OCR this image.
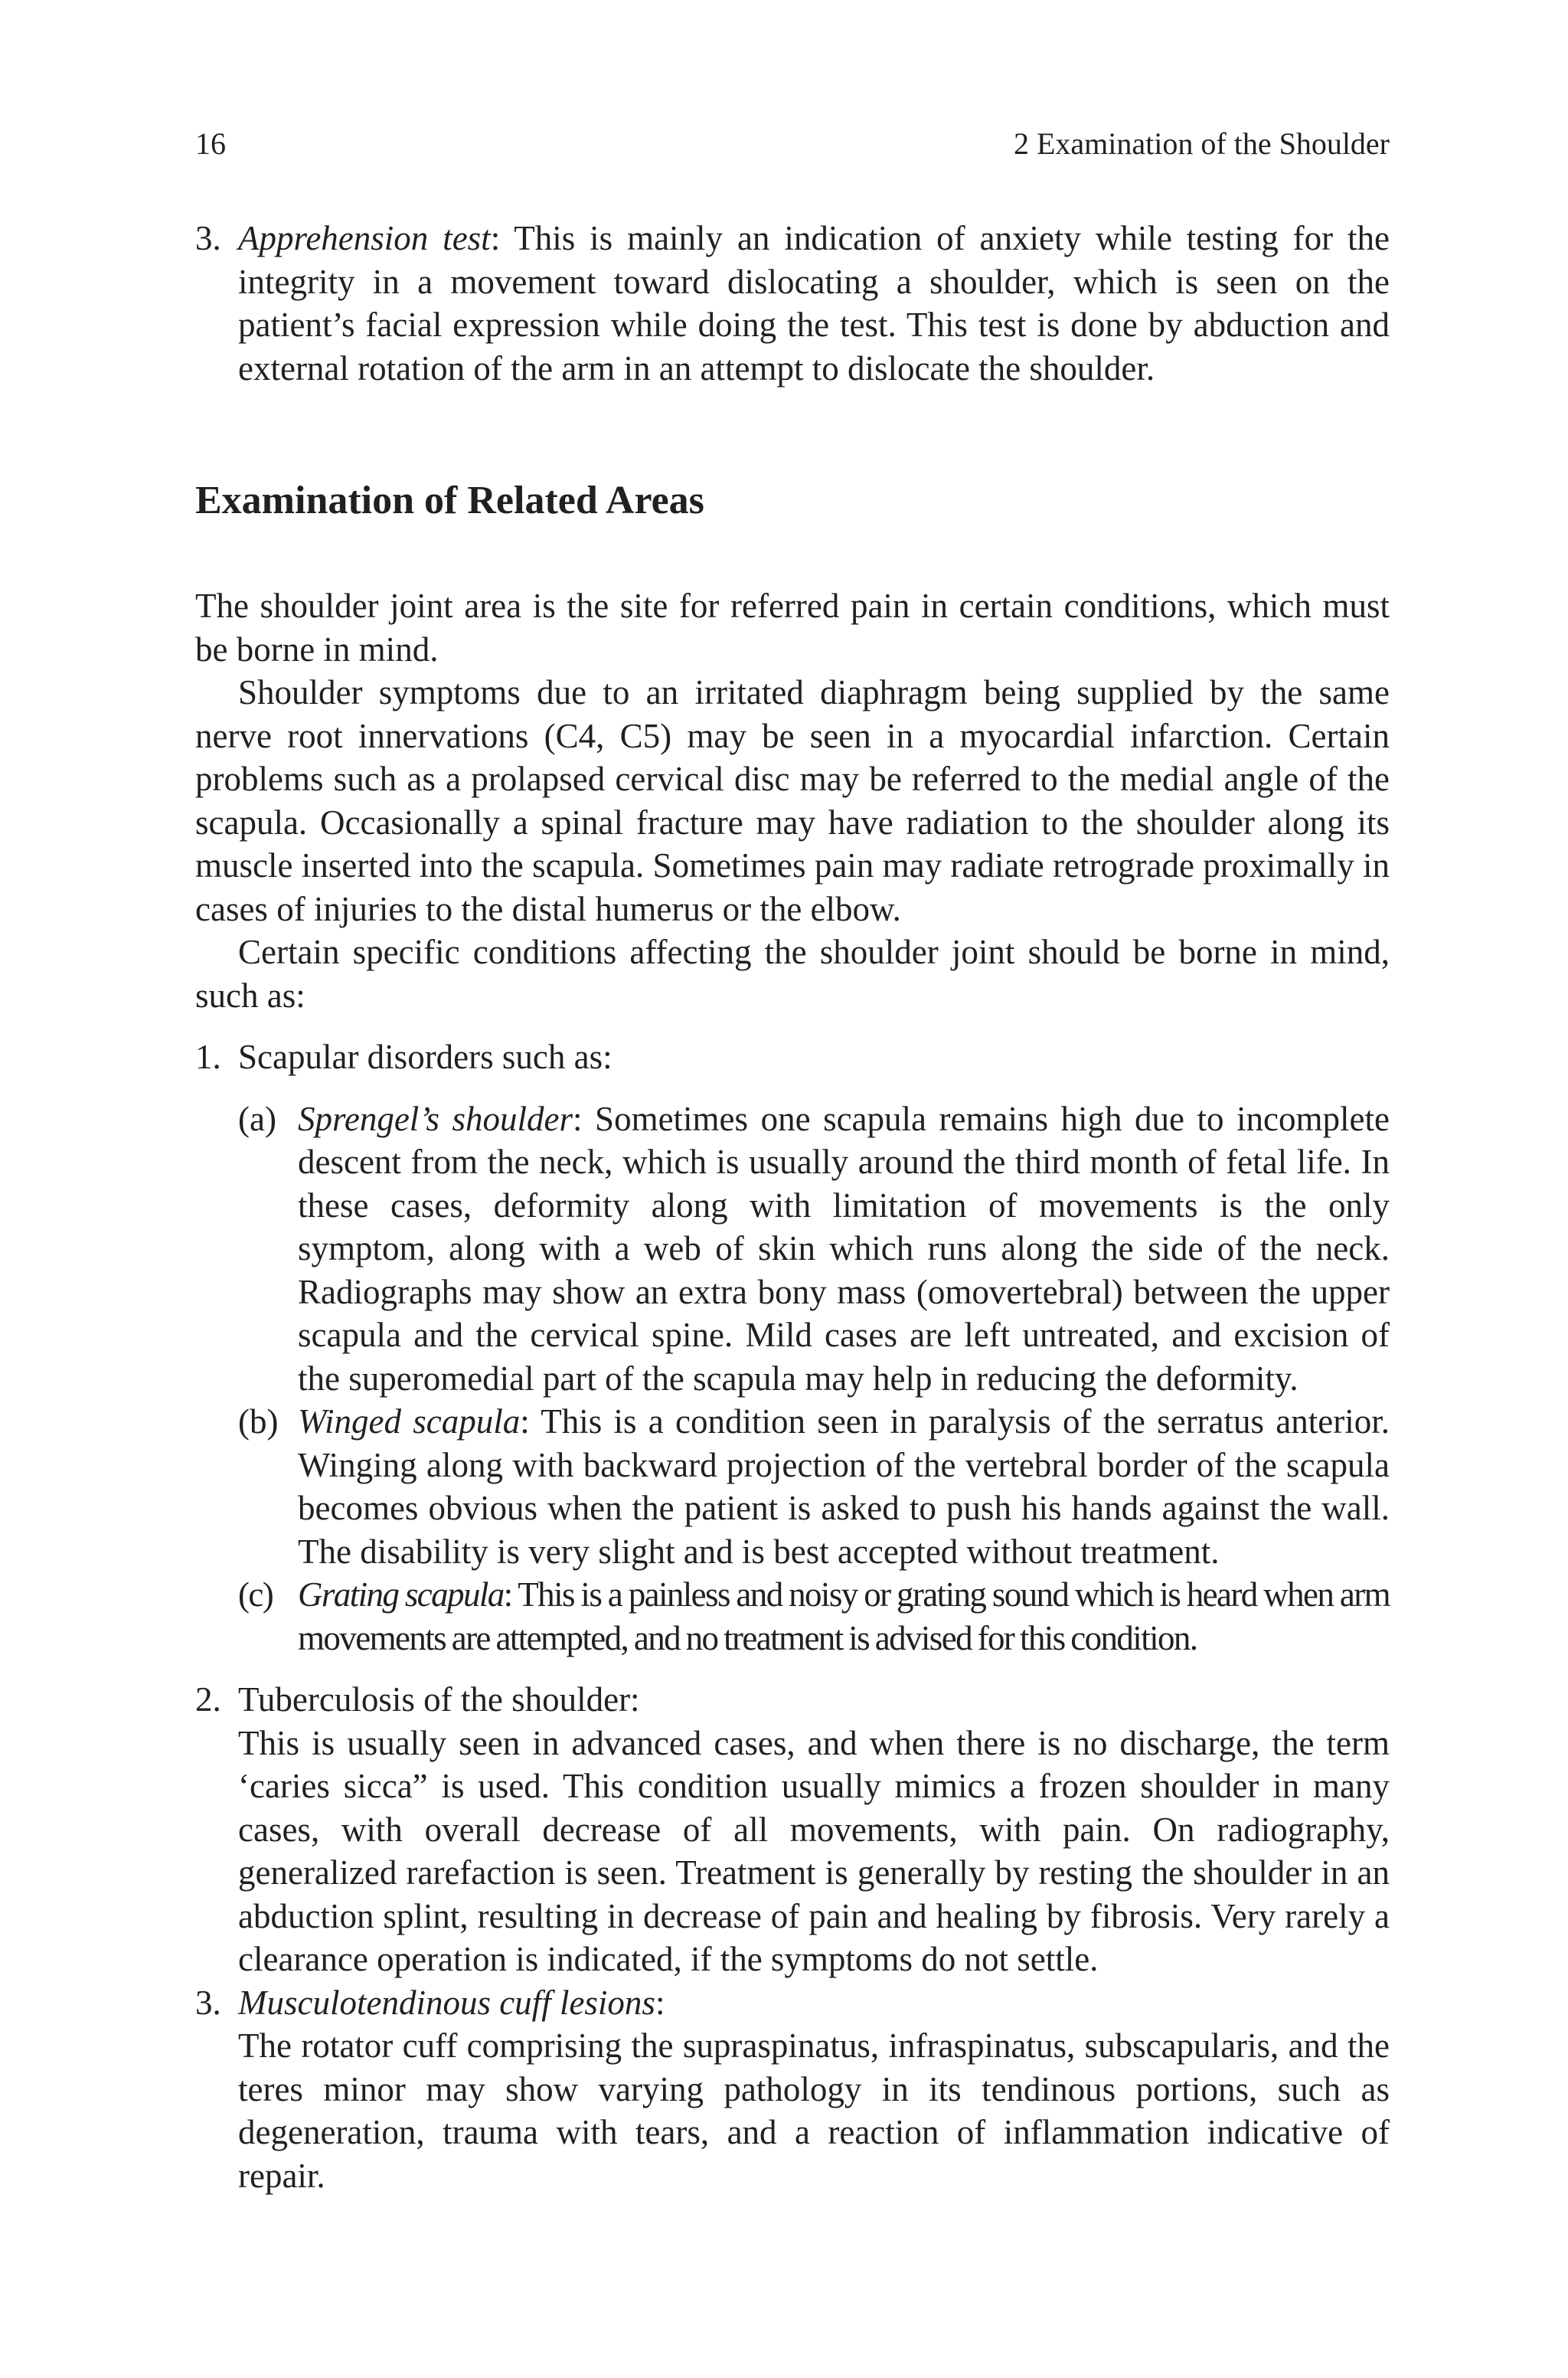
16	2 Examination of the Shoulder

3. Apprehension test: This is mainly an indication of anxiety while testing for the integrity in a movement toward dislocating a shoulder, which is seen on the patient’s facial expression while doing the test. This test is done by abduction and external rotation of the arm in an attempt to dislocate the shoulder.

Examination of Related Areas

The shoulder joint area is the site for referred pain in certain conditions, which must be borne in mind.

Shoulder symptoms due to an irritated diaphragm being supplied by the same nerve root innervations (C4, C5) may be seen in a myocardial infarction. Certain problems such as a prolapsed cervical disc may be referred to the medial angle of the scapula. Occasionally a spinal fracture may have radiation to the shoulder along its muscle inserted into the scapula. Sometimes pain may radiate retrograde proximally in cases of injuries to the distal humerus or the elbow.

Certain specific conditions affecting the shoulder joint should be borne in mind, such as:

1. Scapular disorders such as:

(a) Sprengel’s shoulder: Sometimes one scapula remains high due to incomplete descent from the neck, which is usually around the third month of fetal life. In these cases, deformity along with limitation of movements is the only symptom, along with a web of skin which runs along the side of the neck. Radiographs may show an extra bony mass (omovertebral) between the upper scapula and the cervical spine. Mild cases are left untreated, and excision of the superomedial part of the scapula may help in reducing the deformity.

(b) Winged scapula: This is a condition seen in paralysis of the serratus anterior. Winging along with backward projection of the vertebral border of the scapula becomes obvious when the patient is asked to push his hands against the wall. The disability is very slight and is best accepted without treatment.

(c) Grating scapula: This is a painless and noisy or grating sound which is heard when arm movements are attempted, and no treatment is advised for this condition.

2. Tuberculosis of the shoulder:

This is usually seen in advanced cases, and when there is no discharge, the term ‘caries sicca” is used. This condition usually mimics a frozen shoulder in many cases, with overall decrease of all movements, with pain. On radiography, generalized rarefaction is seen. Treatment is generally by resting the shoulder in an abduction splint, resulting in decrease of pain and healing by fibrosis. Very rarely a clearance operation is indicated, if the symptoms do not settle.

3. Musculotendinous cuff lesions:

The rotator cuff comprising the supraspinatus, infraspinatus, subscapularis, and the teres minor may show varying pathology in its tendinous portions, such as degeneration, trauma with tears, and a reaction of inflammation indicative of repair.
